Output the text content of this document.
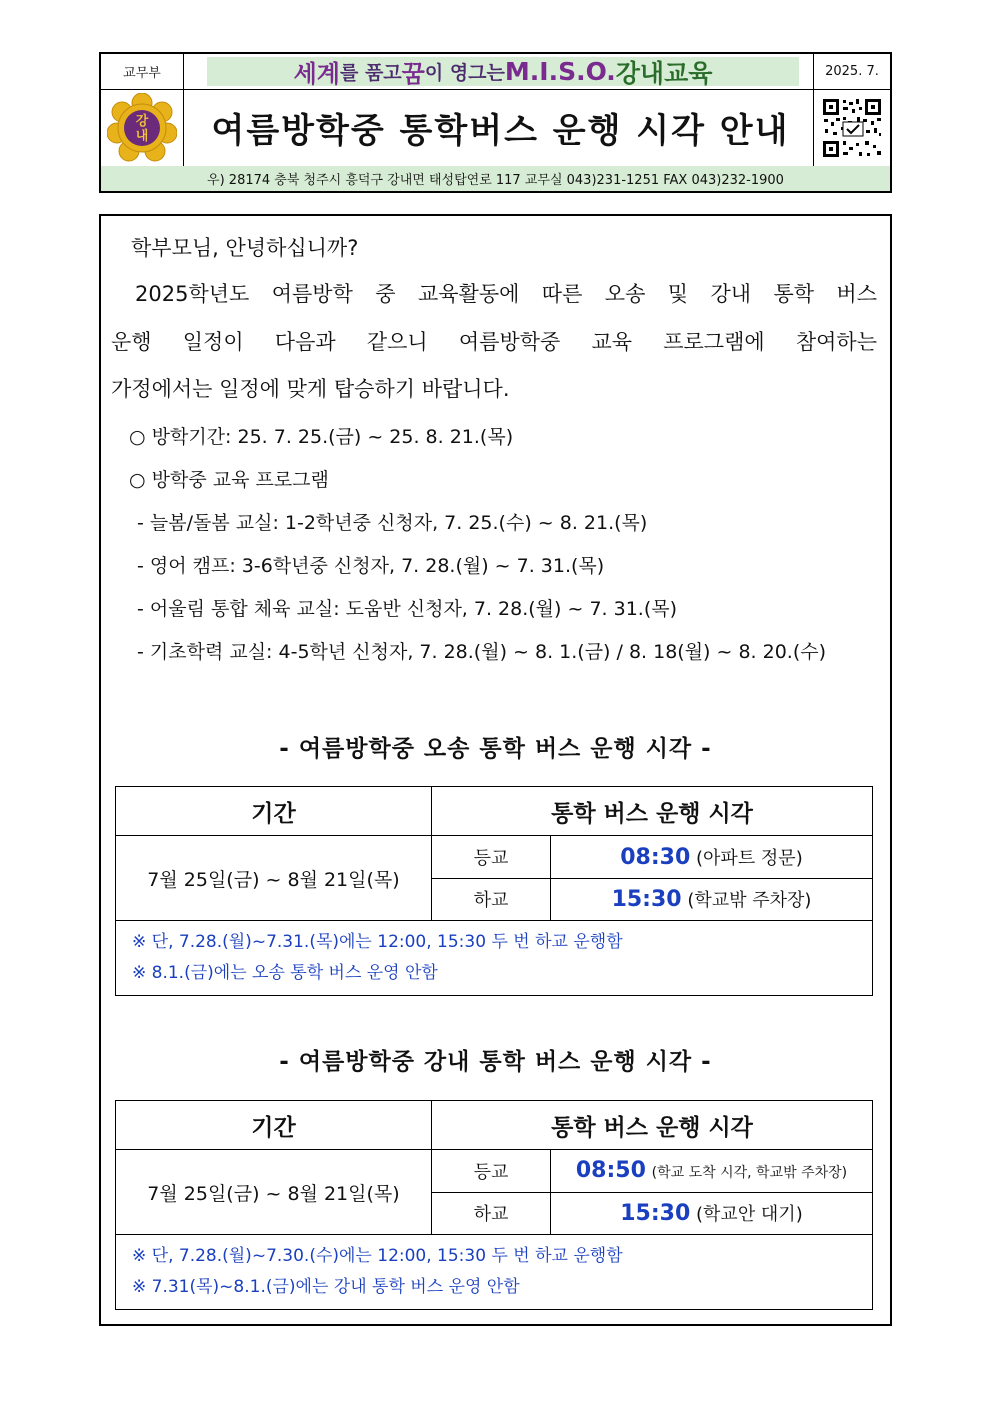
교무부	세계 를 품고 꿈 이 영그는 M.I.S.O. 강내교육	2025. 7.
강
내	여름방학중 통학버스 운행 시각 안내
우) 28174 충북 청주시 흥덕구 강내면 태성탑연로 117 교무실 043)231-1251 FAX 043)232-1900
학부모님, 안녕하십니까?
2025학년도 여름방학 중 교육활동에 따른 오송 및 강내 통학 버스
운행 일정이 다음과 같으니 여름방학중 교육 프로그램에 참여하는
가정에서는 일정에 맞게 탑승하기 바랍니다.
○ 방학기간: 25. 7. 25.(금) ~ 25. 8. 21.(목)
○ 방학중 교육 프로그램
- 늘봄/돌봄 교실: 1-2학년중 신청자, 7. 25.(수) ~ 8. 21.(목)
- 영어 캠프: 3-6학년중 신청자, 7. 28.(월) ~ 7. 31.(목)
- 어울림 통합 체육 교실: 도움반 신청자, 7. 28.(월) ~ 7. 31.(목)
- 기초학력 교실: 4-5학년 신청자, 7. 28.(월) ~ 8. 1.(금) / 8. 18(월) ~ 8. 20.(수)
- 여름방학중 오송 통학 버스 운행 시각 -
기간	통학 버스 운행 시각	
7월 25일(금) ~ 8월 21일(목)	등교	08:30 (아파트 정문)
	하교	15:30 (학교밖 주차장)

※ 단, 7.28.(월)~7.31.(목)에는 12:00, 15:30 두 번 하교 운행함
※ 8.1.(금)에는 오송 통학 버스 운영 안함		
- 여름방학중 강내 통학 버스 운행 시각 -
기간	통학 버스 운행 시각	
7월 25일(금) ~ 8월 21일(목)	등교	08:50 (학교 도착 시각, 학교밖 주차장)
	하교	15:30 (학교안 대기)

※ 단, 7.28.(월)~7.30.(수)에는 12:00, 15:30 두 번 하교 운행함
※ 7.31(목)~8.1.(금)에는 강내 통학 버스 운영 안함		
